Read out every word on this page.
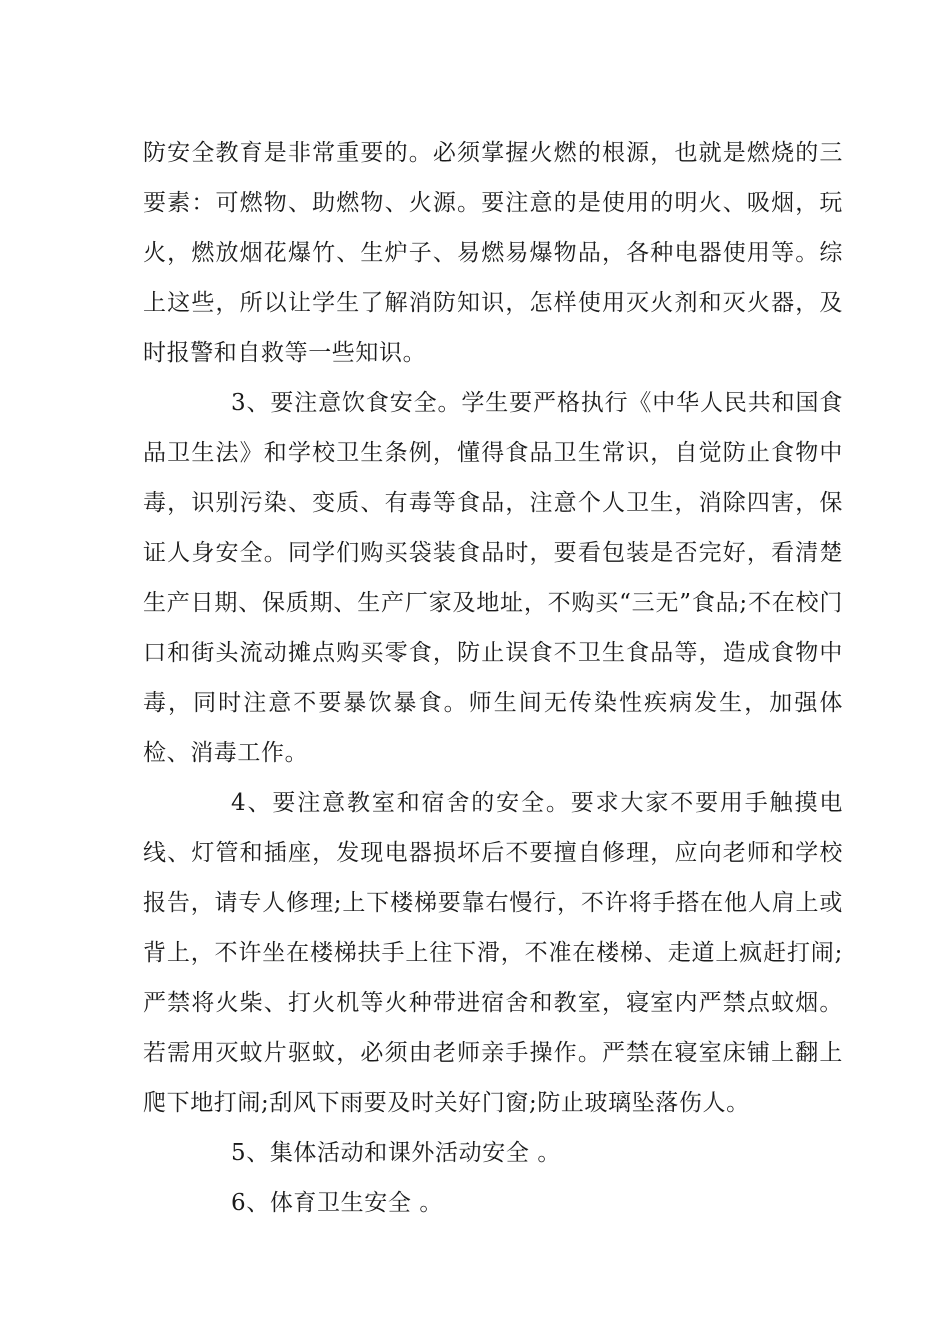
防安全教育是非常重要的。必须掌握火燃的根源，也就是燃烧的三要素：可燃物、助燃物、火源。要注意的是使用的明火、吸烟，玩火，燃放烟花爆竹、生炉子、易燃易爆物品，各种电器使用等。综上这些，所以让学生了解消防知识，怎样使用灭火剂和灭火器，及时报警和自救等一些知识。

3、要注意饮食安全。学生要严格执行《中华人民共和国食品卫生法》和学校卫生条例，懂得食品卫生常识，自觉防止食物中毒，识别污染、变质、有毒等食品，注意个人卫生，消除四害，保证人身安全。同学们购买袋装食品时，要看包装是否完好，看清楚生产日期、保质期、生产厂家及地址，不购买“三无”食品;不在校门口和街头流动摊点购买零食，防止误食不卫生食品等，造成食物中毒，同时注意不要暴饮暴食。师生间无传染性疾病发生，加强体检、消毒工作。

4、要注意教室和宿舍的安全。要求大家不要用手触摸电线、灯管和插座，发现电器损坏后不要擅自修理，应向老师和学校报告，请专人修理;上下楼梯要靠右慢行，不许将手搭在他人肩上或背上，不许坐在楼梯扶手上往下滑，不准在楼梯、走道上疯赶打闹;严禁将火柴、打火机等火种带进宿舍和教室，寝室内严禁点蚊烟。若需用灭蚊片驱蚊，必须由老师亲手操作。严禁在寝室床铺上翻上爬下地打闹;刮风下雨要及时关好门窗;防止玻璃坠落伤人。

5、集体活动和课外活动安全 。

6、体育卫生安全 。
